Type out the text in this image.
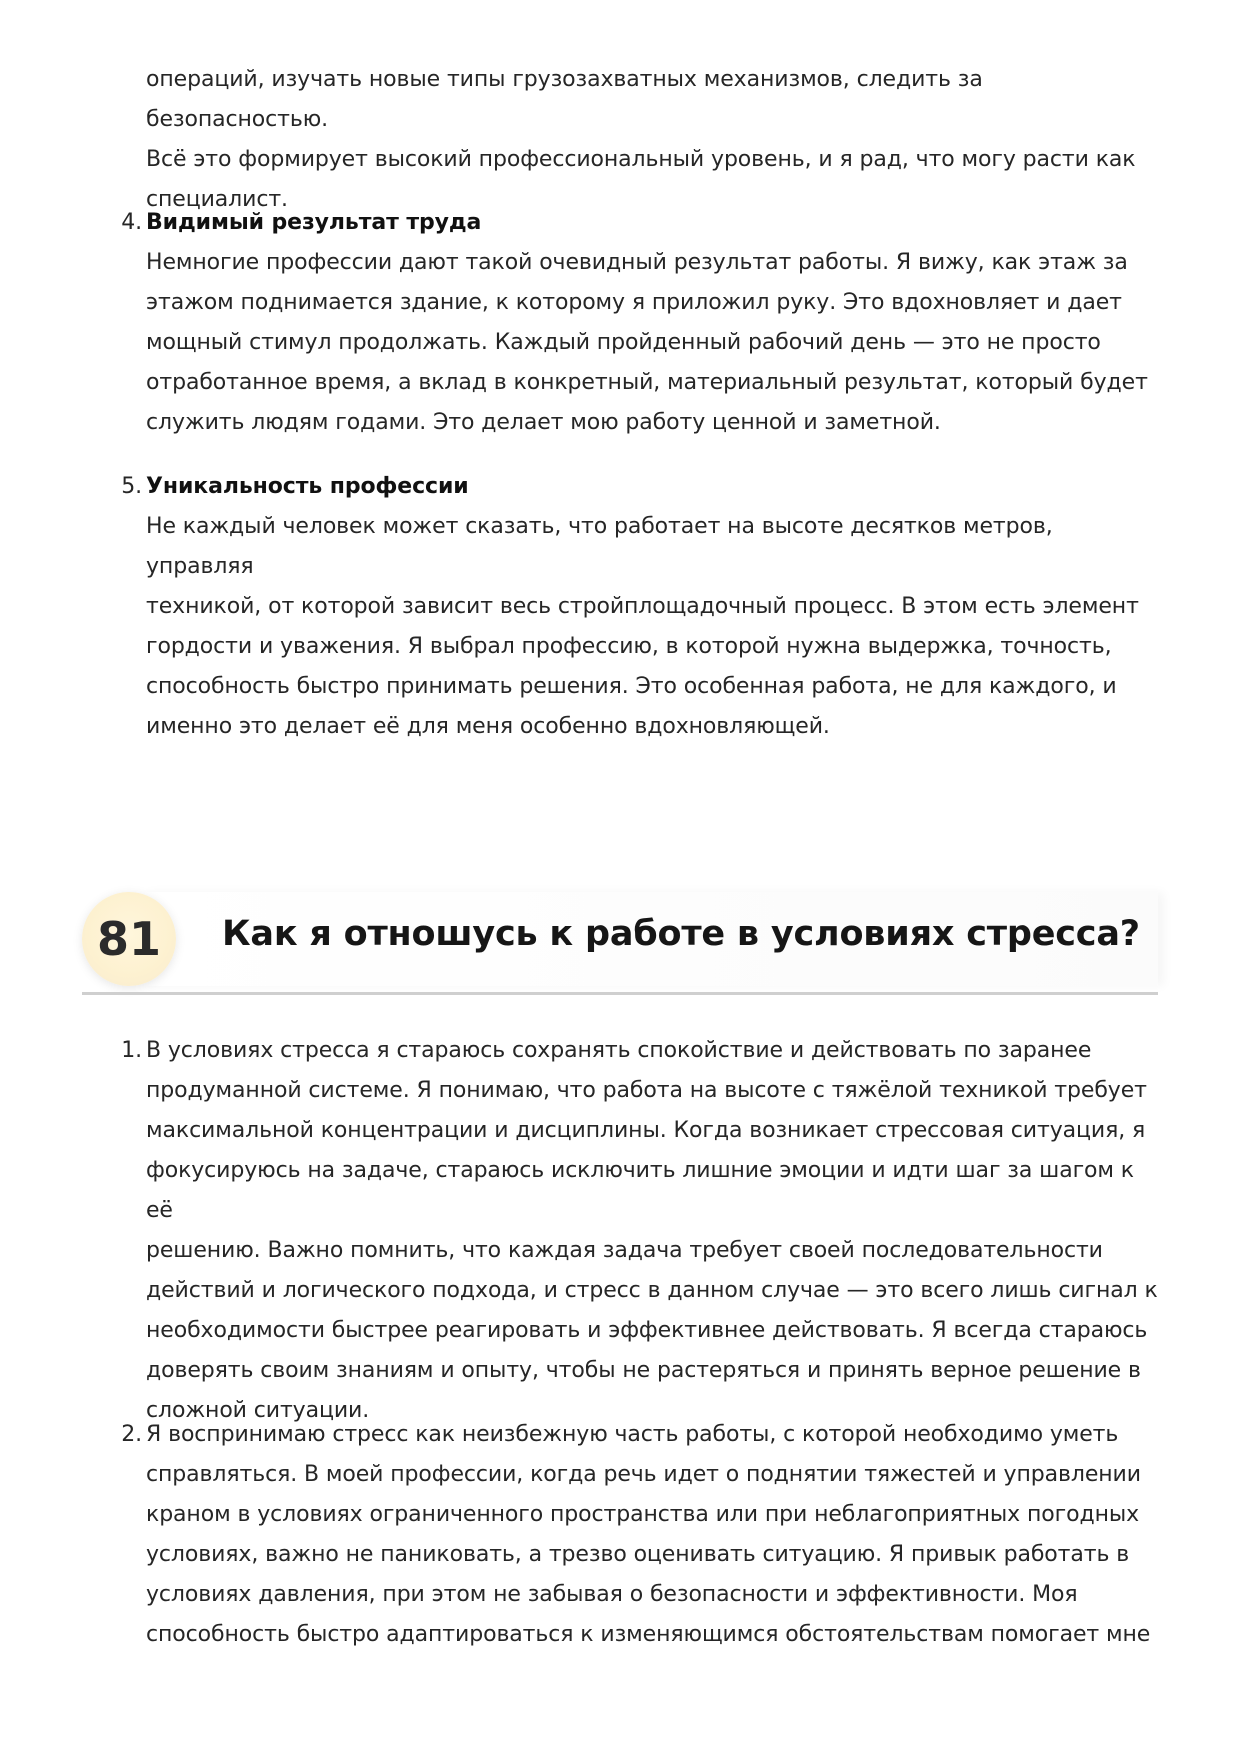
операций, изучать новые типы грузозахватных механизмов, следить за безопасностью.

Всё это формирует высокий профессиональный уровень, и я рад, что могу расти как

специалист.

4. Видимый результат труда
Немногие профессии дают такой очевидный результат работы. Я вижу, как этаж за
этажом поднимается здание, к которому я приложил руку. Это вдохновляет и дает
мощный стимул продолжать. Каждый пройденный рабочий день — это не просто
отработанное время, а вклад в конкретный, материальный результат, который будет
служить людям годами. Это делает мою работу ценной и заметной.
5. Уникальность профессии
Не каждый человек может сказать, что работает на высоте десятков метров, управляя
техникой, от которой зависит весь стройплощадочный процесс. В этом есть элемент
гордости и уважения. Я выбрал профессию, в которой нужна выдержка, точность,
способность быстро принимать решения. Это особенная работа, не для каждого, и
именно это делает её для меня особенно вдохновляющей.
81	Как я отношусь к работе в условиях стресса?
1. В условиях стресса я стараюсь сохранять спокойствие и действовать по заранее
продуманной системе. Я понимаю, что работа на высоте с тяжёлой техникой требует
максимальной концентрации и дисциплины. Когда возникает стрессовая ситуация, я
фокусируюсь на задаче, стараюсь исключить лишние эмоции и идти шаг за шагом к её
решению. Важно помнить, что каждая задача требует своей последовательности
действий и логического подхода, и стресс в данном случае — это всего лишь сигнал к
необходимости быстрее реагировать и эффективнее действовать. Я всегда стараюсь
доверять своим знаниям и опыту, чтобы не растеряться и принять верное решение в
сложной ситуации.
2. Я воспринимаю стресс как неизбежную часть работы, с которой необходимо уметь
справляться. В моей профессии, когда речь идет о поднятии тяжестей и управлении
краном в условиях ограниченного пространства или при неблагоприятных погодных
условиях, важно не паниковать, а трезво оценивать ситуацию. Я привык работать в
условиях давления, при этом не забывая о безопасности и эффективности. Моя
способность быстро адаптироваться к изменяющимся обстоятельствам помогает мне
